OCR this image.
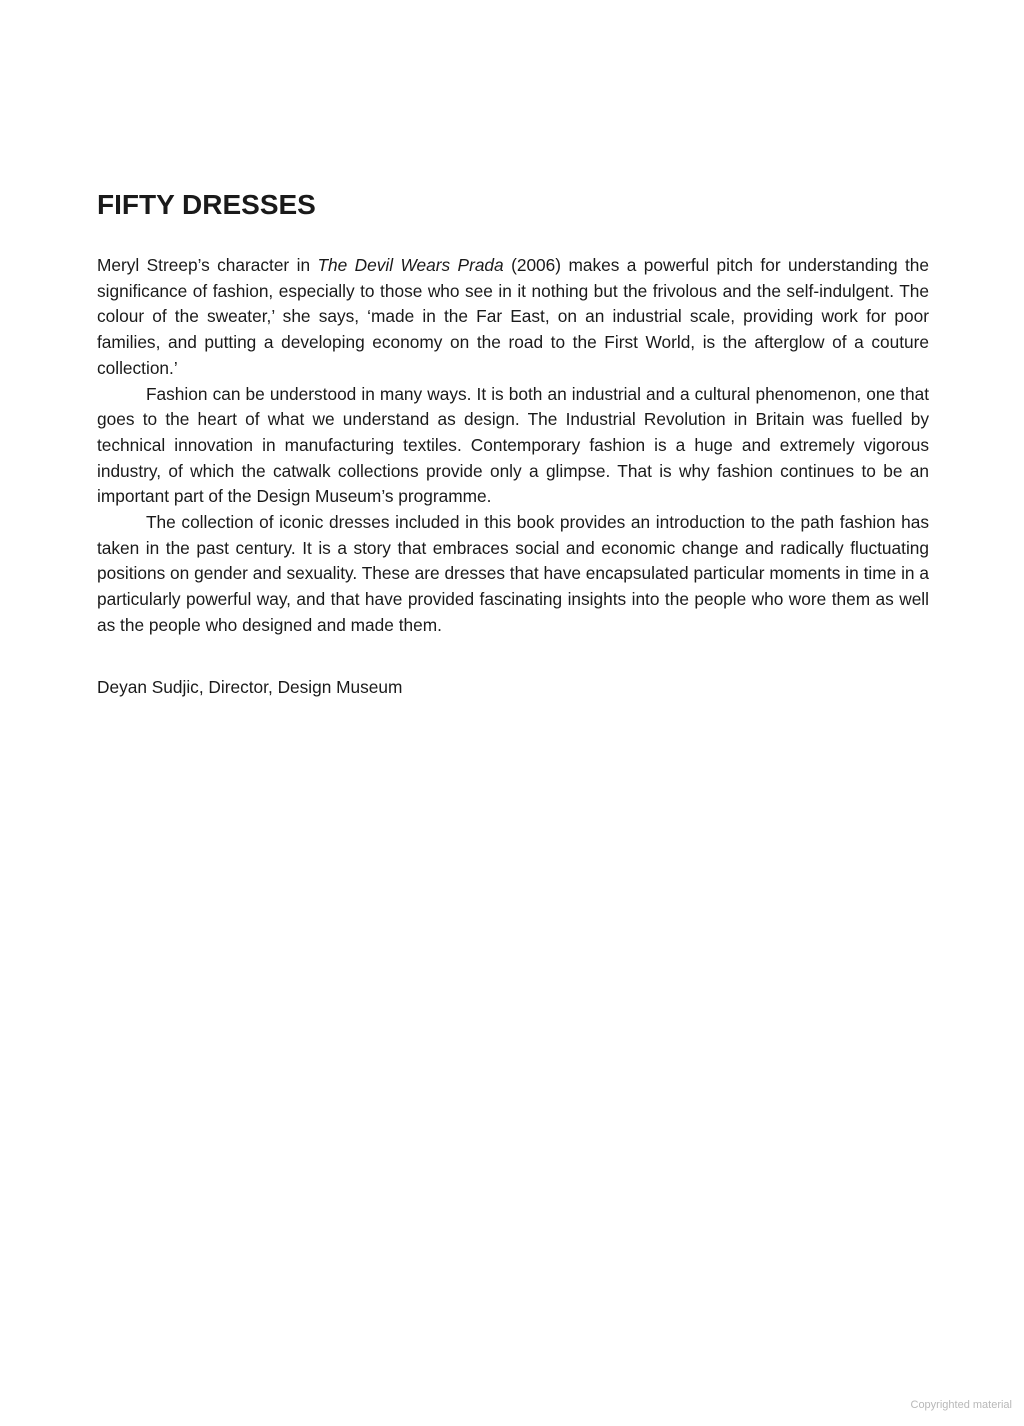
FIFTY DRESSES

Meryl Streep’s character in The Devil Wears Prada (2006) makes a powerful pitch for understanding the significance of fashion, especially to those who see in it nothing but the frivolous and the self-indulgent. The colour of the sweater,’ she says, ‘made in the Far East, on an industrial scale, providing work for poor families, and putting a developing economy on the road to the First World, is the afterglow of a couture collection.’

Fashion can be understood in many ways. It is both an industrial and a cultural phenomenon, one that goes to the heart of what we understand as design. The Industrial Revolution in Britain was fuelled by technical innovation in manufacturing textiles. Contemporary fashion is a huge and extremely vigorous industry, of which the catwalk collections provide only a glimpse. That is why fashion continues to be an important part of the Design Museum’s programme.

The collection of iconic dresses included in this book provides an introduction to the path fashion has taken in the past century. It is a story that embraces social and economic change and radically fluctuating positions on gender and sexuality. These are dresses that have encapsulated particular moments in time in a particularly powerful way, and that have provided fascinating insights into the people who wore them as well as the people who designed and made them.

Deyan Sudjic, Director, Design Museum

Copyrighted material
